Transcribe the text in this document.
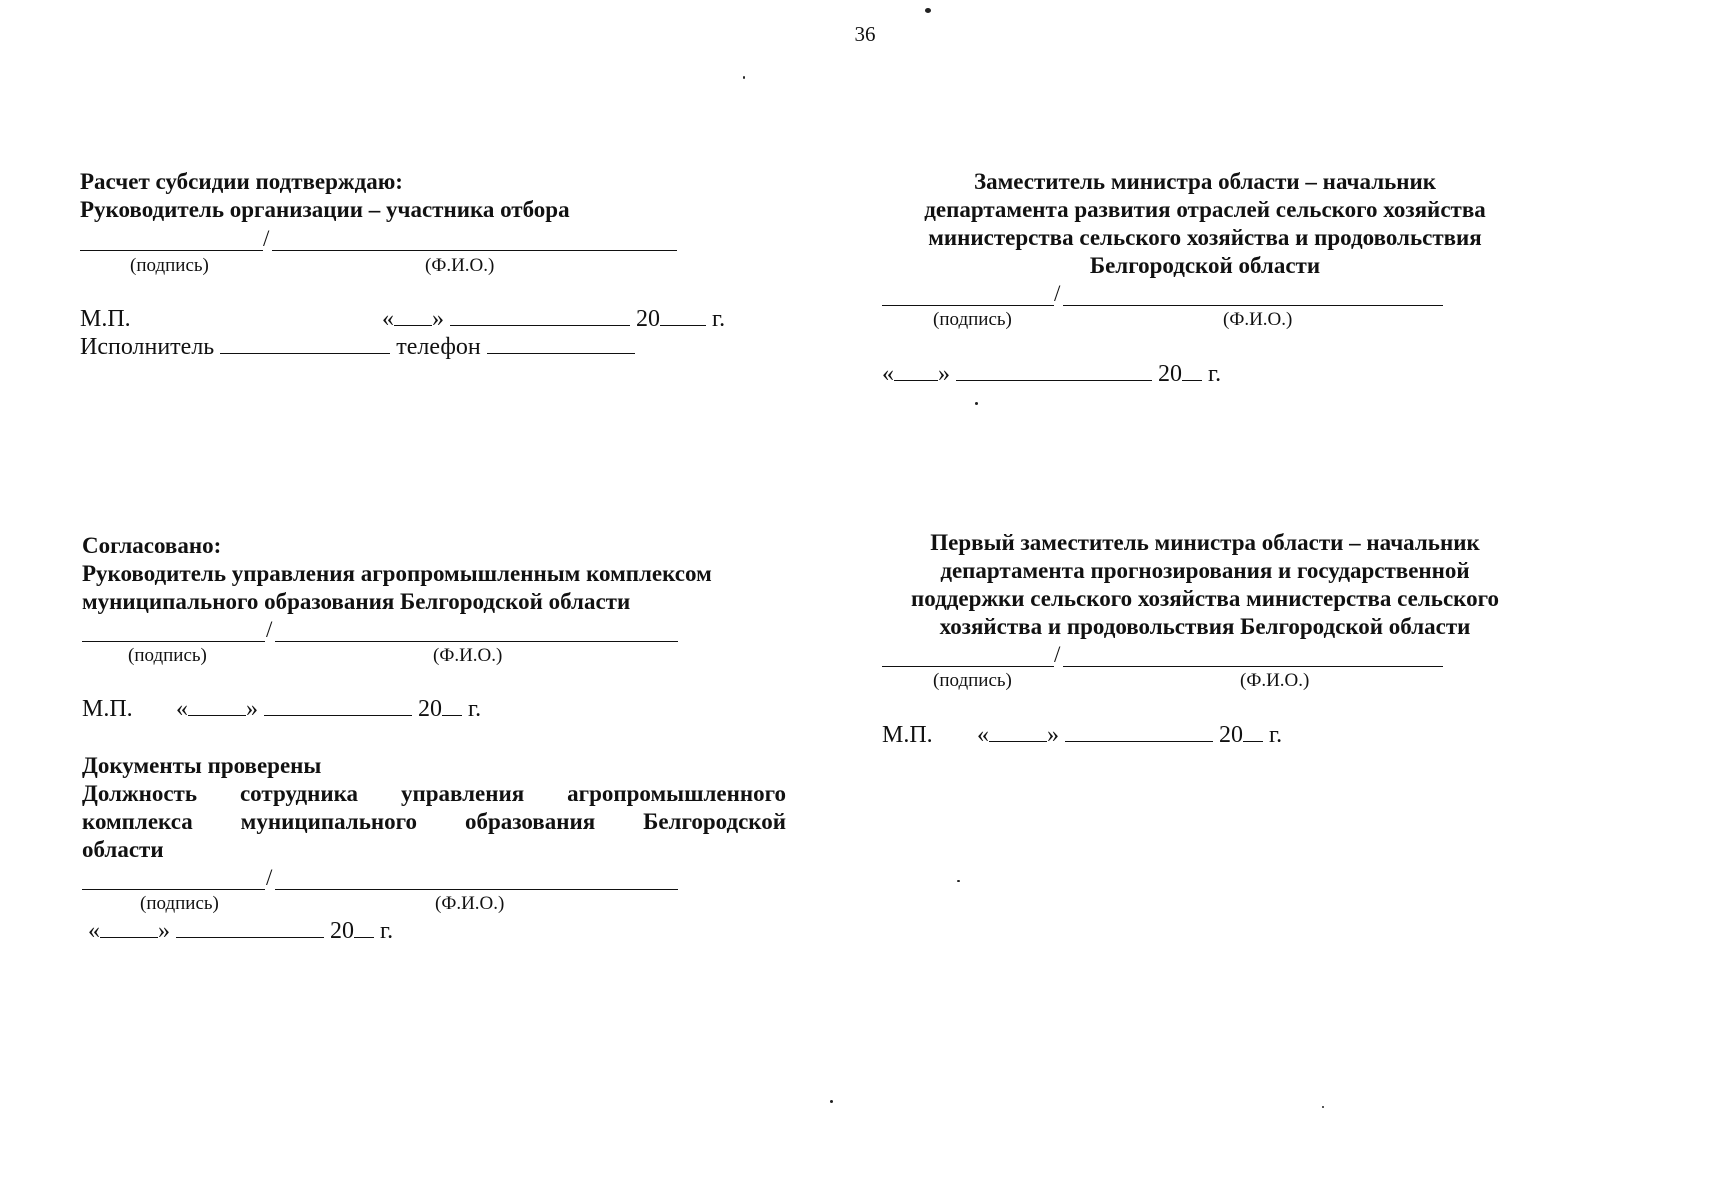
36
Расчет субсидии подтверждаю:
Руководитель организации – участника отбора
/
(подпись)	(Ф.И.О.)
М.П.	« »	20 г.
Исполнитель	телефон
Согласовано:
Руководитель управления агропромышленным комплексом
муниципального образования Белгородской области
/
(подпись)	(Ф.И.О.)
М.П. « »	20 г.
Документы проверены
Должность сотрудника управления агропромышленного
комплекса муниципального образования Белгородской
области
/
(подпись)	(Ф.И.О.)
« »	20 г.
Заместитель министра области – начальник
департамента развития отраслей сельского хозяйства
министерства сельского хозяйства и продовольствия
Белгородской области
/
(подпись)	(Ф.И.О.)
« »	20 г.
Первый заместитель министра области – начальник
департамента прогнозирования и государственной
поддержки сельского хозяйства министерства сельского
хозяйства и продовольствия Белгородской области
/
(подпись)	(Ф.И.О.)
М.П. « »	20 г.
